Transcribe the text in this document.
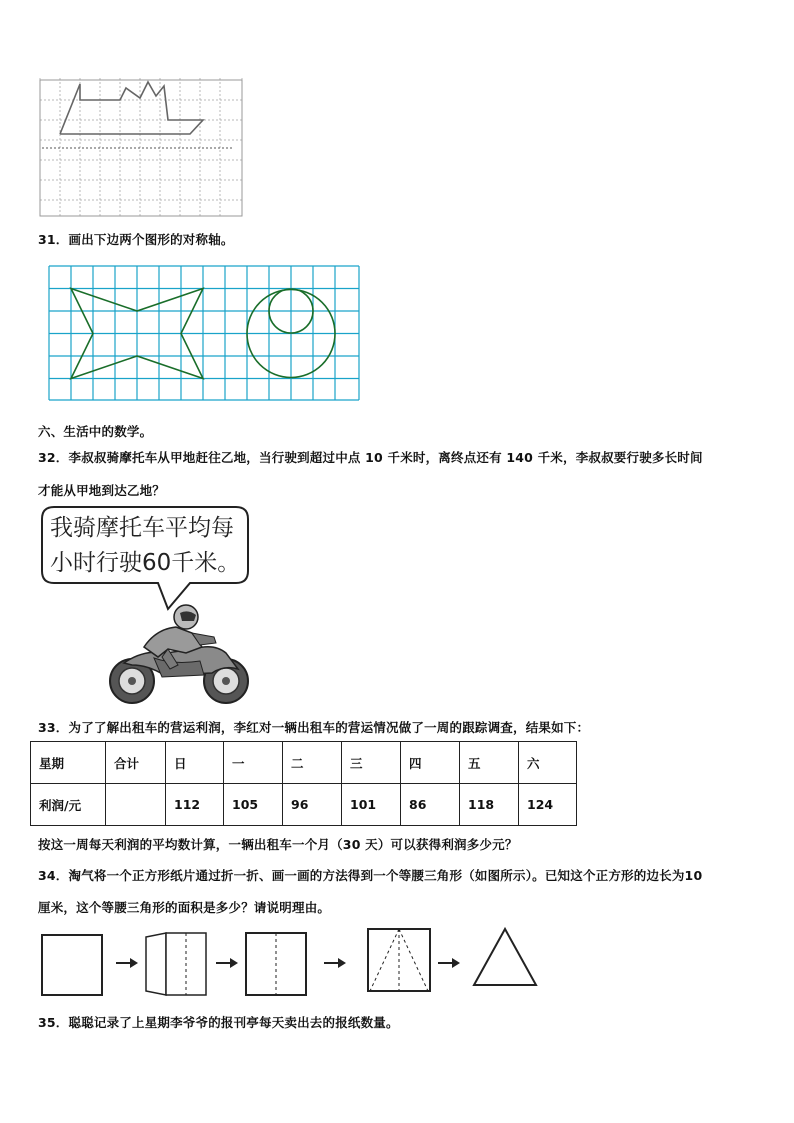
31．画出下边两个图形的对称轴。
六、生活中的数学。
32．李叔叔骑摩托车从甲地赶往乙地，当行驶到超过中点 10 千米时，离终点还有 140 千米，李叔叔要行驶多长时间
才能从甲地到达乙地？
我骑摩托车平均每
小时行驶60千米。
33．为了了解出租车的营运利润，李红对一辆出租车的营运情况做了一周的跟踪调查，结果如下：
星期	合计	日	一	二	三	四	五	六
利润/元		112	105	96	101	86	118	124
按这一周每天利润的平均数计算，一辆出租车一个月（30 天）可以获得利润多少元？
34．淘气将一个正方形纸片通过折一折、画一画的方法得到一个等腰三角形（如图所示）。已知这个正方形的边长为10
厘米，这个等腰三角形的面积是多少？请说明理由。
35．聪聪记录了上星期李爷爷的报刊亭每天卖出去的报纸数量。
